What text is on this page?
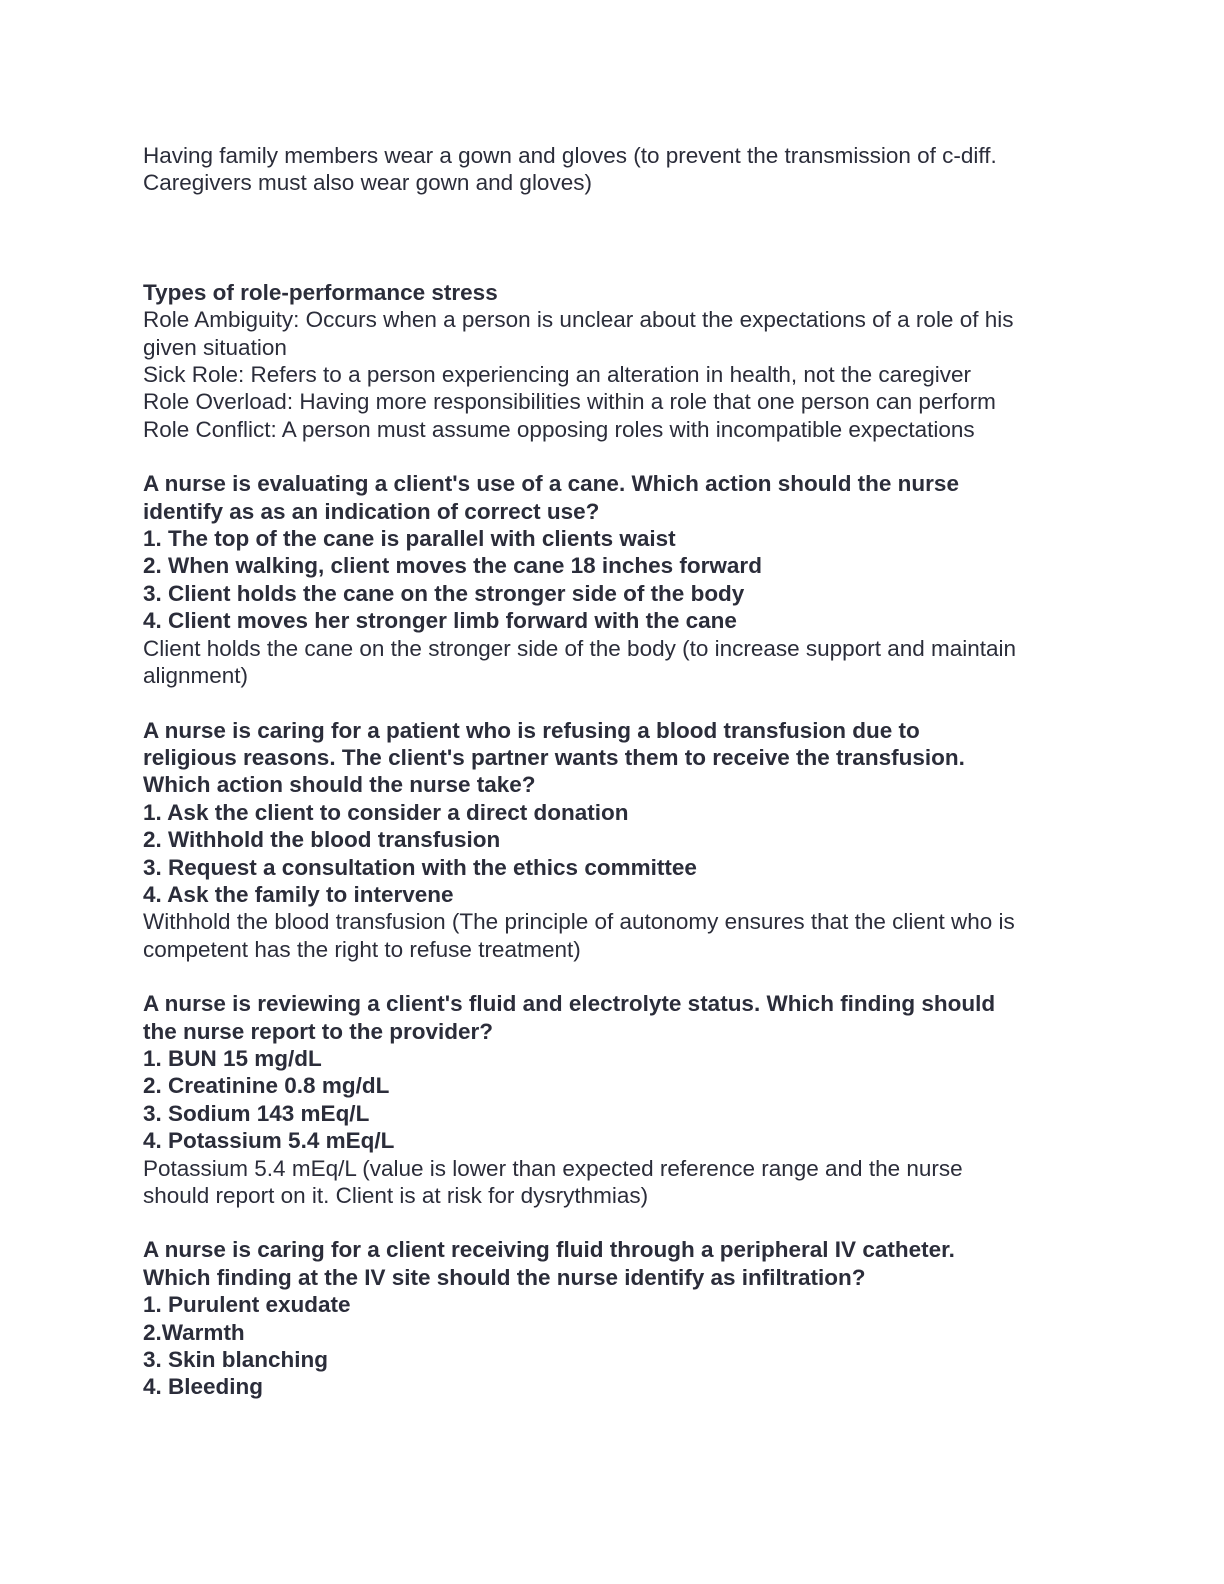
Having family members wear a gown and gloves (to prevent the transmission of c-diff.
Caregivers must also wear gown and gloves)
Types of role-performance stress
Role Ambiguity: Occurs when a person is unclear about the expectations of a role of his
given situation
Sick Role: Refers to a person experiencing an alteration in health, not the caregiver
Role Overload: Having more responsibilities within a role that one person can perform
Role Conflict: A person must assume opposing roles with incompatible expectations
A nurse is evaluating a client's use of a cane. Which action should the nurse
identify as as an indication of correct use?
1. The top of the cane is parallel with clients waist
2. When walking, client moves the cane 18 inches forward
3. Client holds the cane on the stronger side of the body
4. Client moves her stronger limb forward with the cane
Client holds the cane on the stronger side of the body (to increase support and maintain
alignment)
A nurse is caring for a patient who is refusing a blood transfusion due to
religious reasons. The client's partner wants them to receive the transfusion.
Which action should the nurse take?
1. Ask the client to consider a direct donation
2. Withhold the blood transfusion
3. Request a consultation with the ethics committee
4. Ask the family to intervene
Withhold the blood transfusion (The principle of autonomy ensures that the client who is
competent has the right to refuse treatment)
A nurse is reviewing a client's fluid and electrolyte status. Which finding should
the nurse report to the provider?
1. BUN 15 mg/dL
2. Creatinine 0.8 mg/dL
3. Sodium 143 mEq/L
4. Potassium 5.4 mEq/L
Potassium 5.4 mEq/L (value is lower than expected reference range and the nurse
should report on it. Client is at risk for dysrythmias)
A nurse is caring for a client receiving fluid through a peripheral IV catheter.
Which finding at the IV site should the nurse identify as infiltration?
1. Purulent exudate
2.Warmth
3. Skin blanching
4. Bleeding
